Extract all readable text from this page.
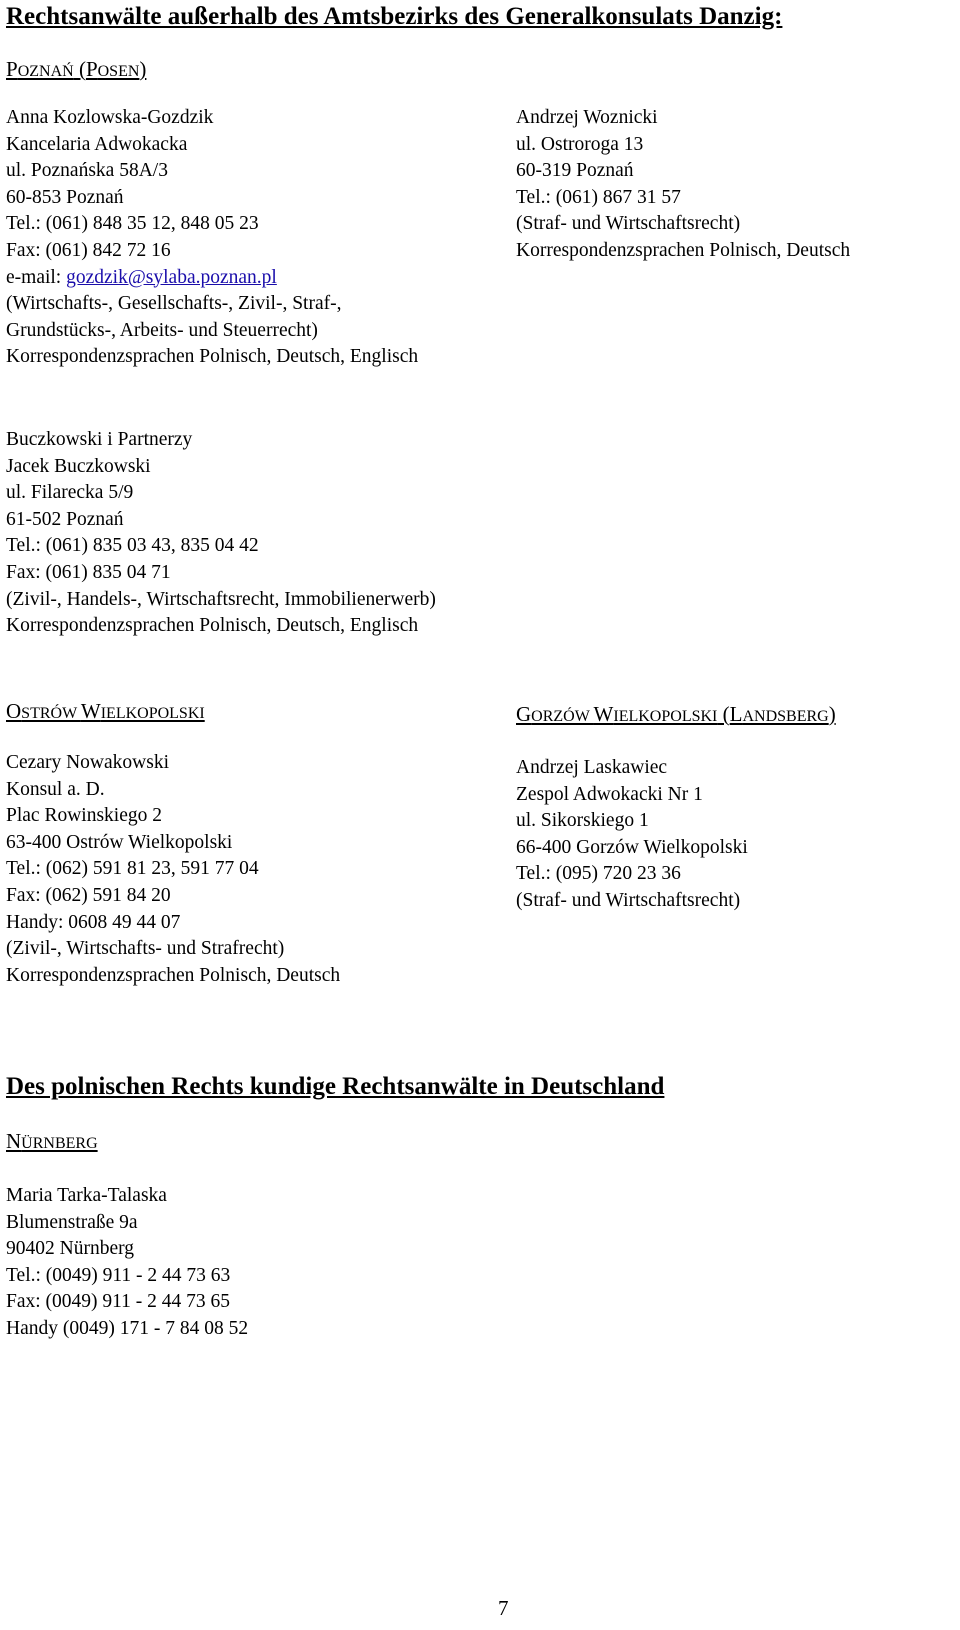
Rechtsanwälte außerhalb des Amtsbezirks des Generalkonsulats Danzig:
POZNAŃ (POSEN)
Anna Kozlowska-Gozdzik
Kancelaria Adwokacka
ul. Poznańska 58A/3
60-853 Poznań
Tel.: (061) 848 35 12, 848 05 23
Fax: (061) 842 72 16
e-mail: gozdzik@sylaba.poznan.pl
(Wirtschafts-, Gesellschafts-, Zivil-, Straf-,
Grundstücks-, Arbeits- und Steuerrecht)
Korrespondenzsprachen Polnisch, Deutsch, Englisch
Andrzej Woznicki
ul. Ostroroga 13
60-319 Poznań
Tel.: (061) 867 31 57
(Straf- und Wirtschaftsrecht)
Korrespondenzsprachen Polnisch, Deutsch
Buczkowski i Partnerzy
Jacek Buczkowski
ul. Filarecka 5/9
61-502 Poznań
Tel.: (061) 835 03 43, 835 04 42
Fax: (061) 835 04 71
(Zivil-, Handels-, Wirtschaftsrecht, Immobilienerwerb)
Korrespondenzsprachen Polnisch, Deutsch, Englisch
OSTRÓW WIELKOPOLSKI	GORZÓW WIELKOPOLSKI (LANDSBERG)
Cezary Nowakowski
Konsul a. D.
Plac Rowinskiego 2
63-400 Ostrów Wielkopolski
Tel.: (062) 591 81 23, 591 77 04
Fax: (062) 591 84 20
Handy: 0608 49 44 07
(Zivil-, Wirtschafts- und Strafrecht)
Korrespondenzsprachen Polnisch, Deutsch
Andrzej Laskawiec
Zespol Adwokacki Nr 1
ul. Sikorskiego 1
66-400 Gorzów Wielkopolski
Tel.: (095) 720 23 36
(Straf- und Wirtschaftsrecht)
Des polnischen Rechts kundige Rechtsanwälte in Deutschland
NÜRNBERG
Maria Tarka-Talaska
Blumenstraße 9a
90402 Nürnberg
Tel.: (0049) 911 - 2 44 73 63
Fax: (0049) 911 - 2 44 73 65
Handy (0049) 171 - 7 84 08 52
7
